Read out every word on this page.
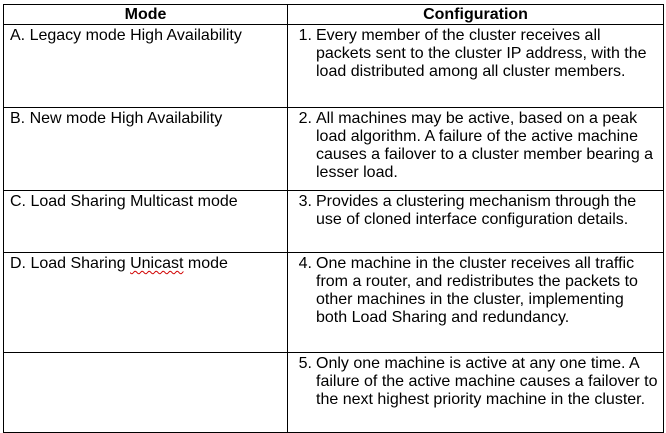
Mode	Configuration
A. Legacy mode High Availability	1. Every member of the cluster receives all packets sent to the cluster IP address, with the load distributed among all cluster members.

B. New mode High Availability	2. All machines may be active, based on a peak load algorithm. A failure of the active machine causes a failover to a cluster member bearing a lesser load.

C. Load Sharing Multicast mode	3. Provides a clustering mechanism through the use of cloned interface configuration details.

D. Load Sharing Unicast mode	4. One machine in the cluster receives all traffic from a router, and redistributes the packets to other machines in the cluster, implementing both Load Sharing and redundancy.

	5. Only one machine is active at any one time. A failure of the active machine causes a failover to the next highest priority machine in the cluster.
